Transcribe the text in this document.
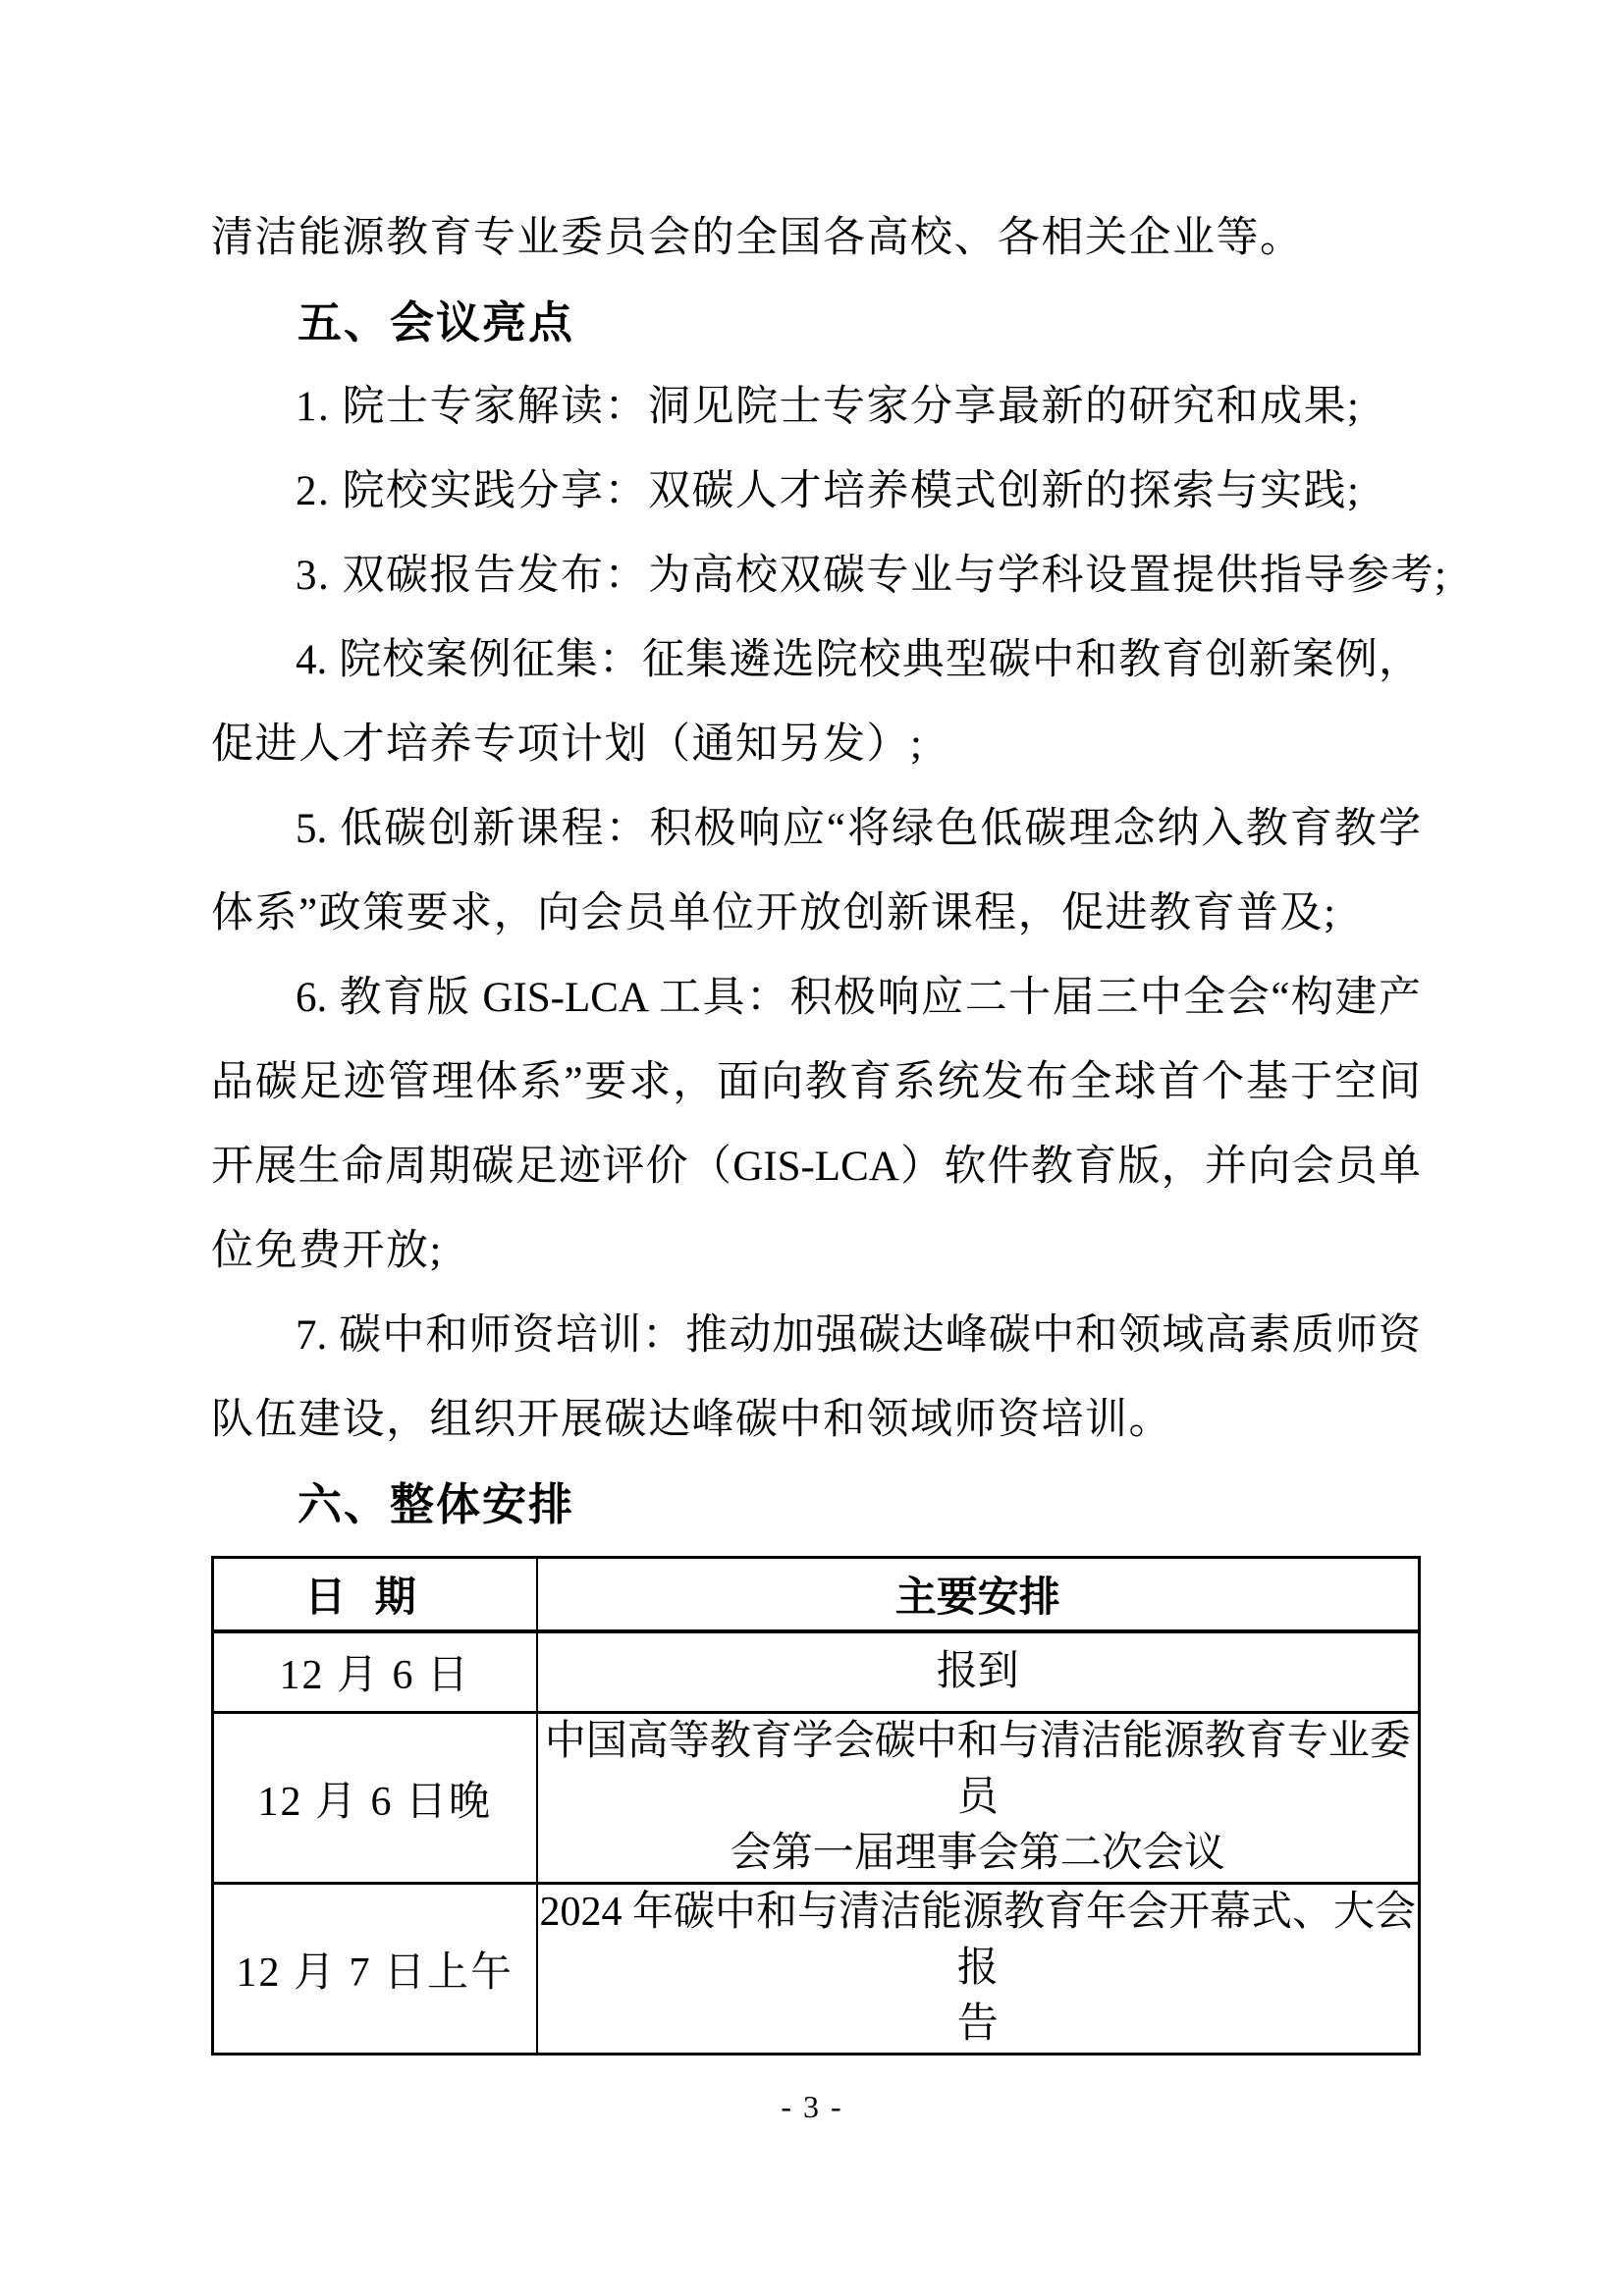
清洁能源教育专业委员会的全国各高校、各相关企业等。
五、会议亮点
1. 院士专家解读：洞见院士专家分享最新的研究和成果;
2. 院校实践分享：双碳人才培养模式创新的探索与实践;
3. 双碳报告发布：为高校双碳专业与学科设置提供指导参考;
4. 院校案例征集：征集遴选院校典型碳中和教育创新案例，
促进人才培养专项计划（通知另发）;
5. 低碳创新课程：积极响应“将绿色低碳理念纳入教育教学
体系”政策要求，向会员单位开放创新课程，促进教育普及;
6. 教育版 GIS-LCA 工具：积极响应二十届三中全会“构建产
品碳足迹管理体系”要求，面向教育系统发布全球首个基于空间
开展生命周期碳足迹评价（GIS-LCA）软件教育版，并向会员单
位免费开放;
7. 碳中和师资培训：推动加强碳达峰碳中和领域高素质师资
队伍建设，组织开展碳达峰碳中和领域师资培训。
六、整体安排
日期	主要安排
12 月 6 日	报到

12 月 6 日晚	中国高等教育学会碳中和与清洁能源教育专业委员
会第一届理事会第二次会议

12 月 7 日上午	2024 年碳中和与清洁能源教育年会开幕式、大会报
告
- 3 -
